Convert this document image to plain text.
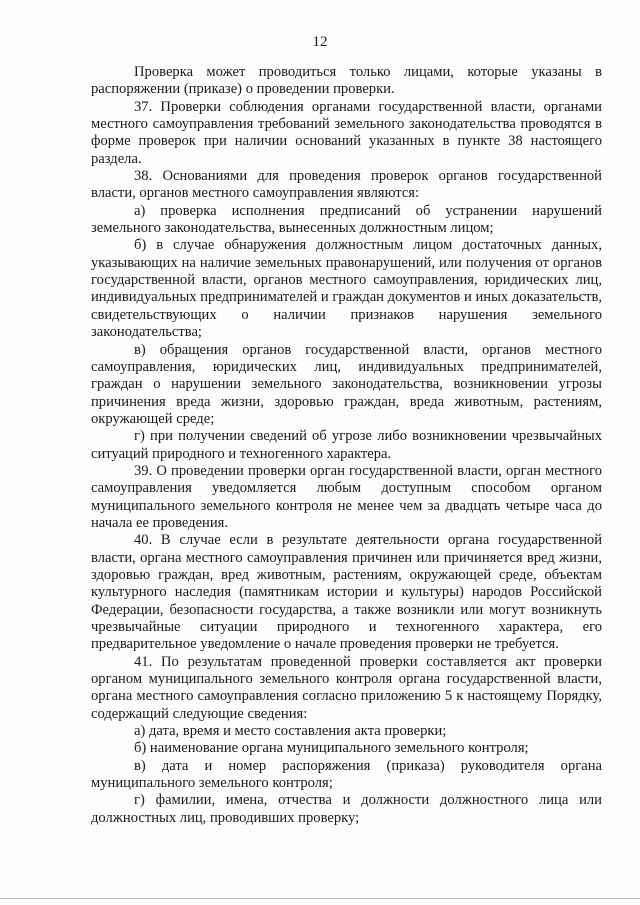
12

Проверка может проводиться только лицами, которые указаны в распоряжении (приказе) о проведении проверки.

37. Проверки соблюдения органами государственной власти, органами местного самоуправления требований земельного законодательства проводятся в форме проверок при наличии оснований указанных в пункте 38 настоящего раздела.

38. Основаниями для проведения проверок органов государственной власти, органов местного самоуправления являются:

а) проверка исполнения предписаний об устранении нарушений земельного законодательства, вынесенных должностным лицом;

б) в случае обнаружения должностным лицом достаточных данных, указывающих на наличие земельных правонарушений, или получения от органов государственной власти, органов местного самоуправления, юридических лиц, индивидуальных предпринимателей и граждан документов и иных доказательств, свидетельствующих о наличии признаков нарушения земельного законодательства;

в) обращения органов государственной власти, органов местного самоуправления, юридических лиц, индивидуальных предпринимателей, граждан о нарушении земельного законодательства, возникновении угрозы причинения вреда жизни, здоровью граждан, вреда животным, растениям, окружающей среде;

г) при получении сведений об угрозе либо возникновении чрезвычайных ситуаций природного и техногенного характера.

39. О проведении проверки орган государственной власти, орган местного самоуправления уведомляется любым доступным способом органом муниципального земельного контроля не менее чем за двадцать четыре часа до начала ее проведения.

40. В случае если в результате деятельности органа государственной власти, органа местного самоуправления причинен или причиняется вред жизни, здоровью граждан, вред животным, растениям, окружающей среде, объектам культурного наследия (памятникам истории и культуры) народов Российской Федерации, безопасности государства, а также возникли или могут возникнуть чрезвычайные ситуации природного и техногенного характера, его предварительное уведомление о начале проведения проверки не требуется.

41. По результатам проведенной проверки составляется акт проверки органом муниципального земельного контроля органа государственной власти, органа местного самоуправления согласно приложению 5 к настоящему Порядку, содержащий следующие сведения:

а) дата, время и место составления акта проверки;

б) наименование органа муниципального земельного контроля;

в) дата и номер распоряжения (приказа) руководителя органа муниципального земельного контроля;

г) фамилии, имена, отчества и должности должностного лица или должностных лиц, проводивших проверку;
